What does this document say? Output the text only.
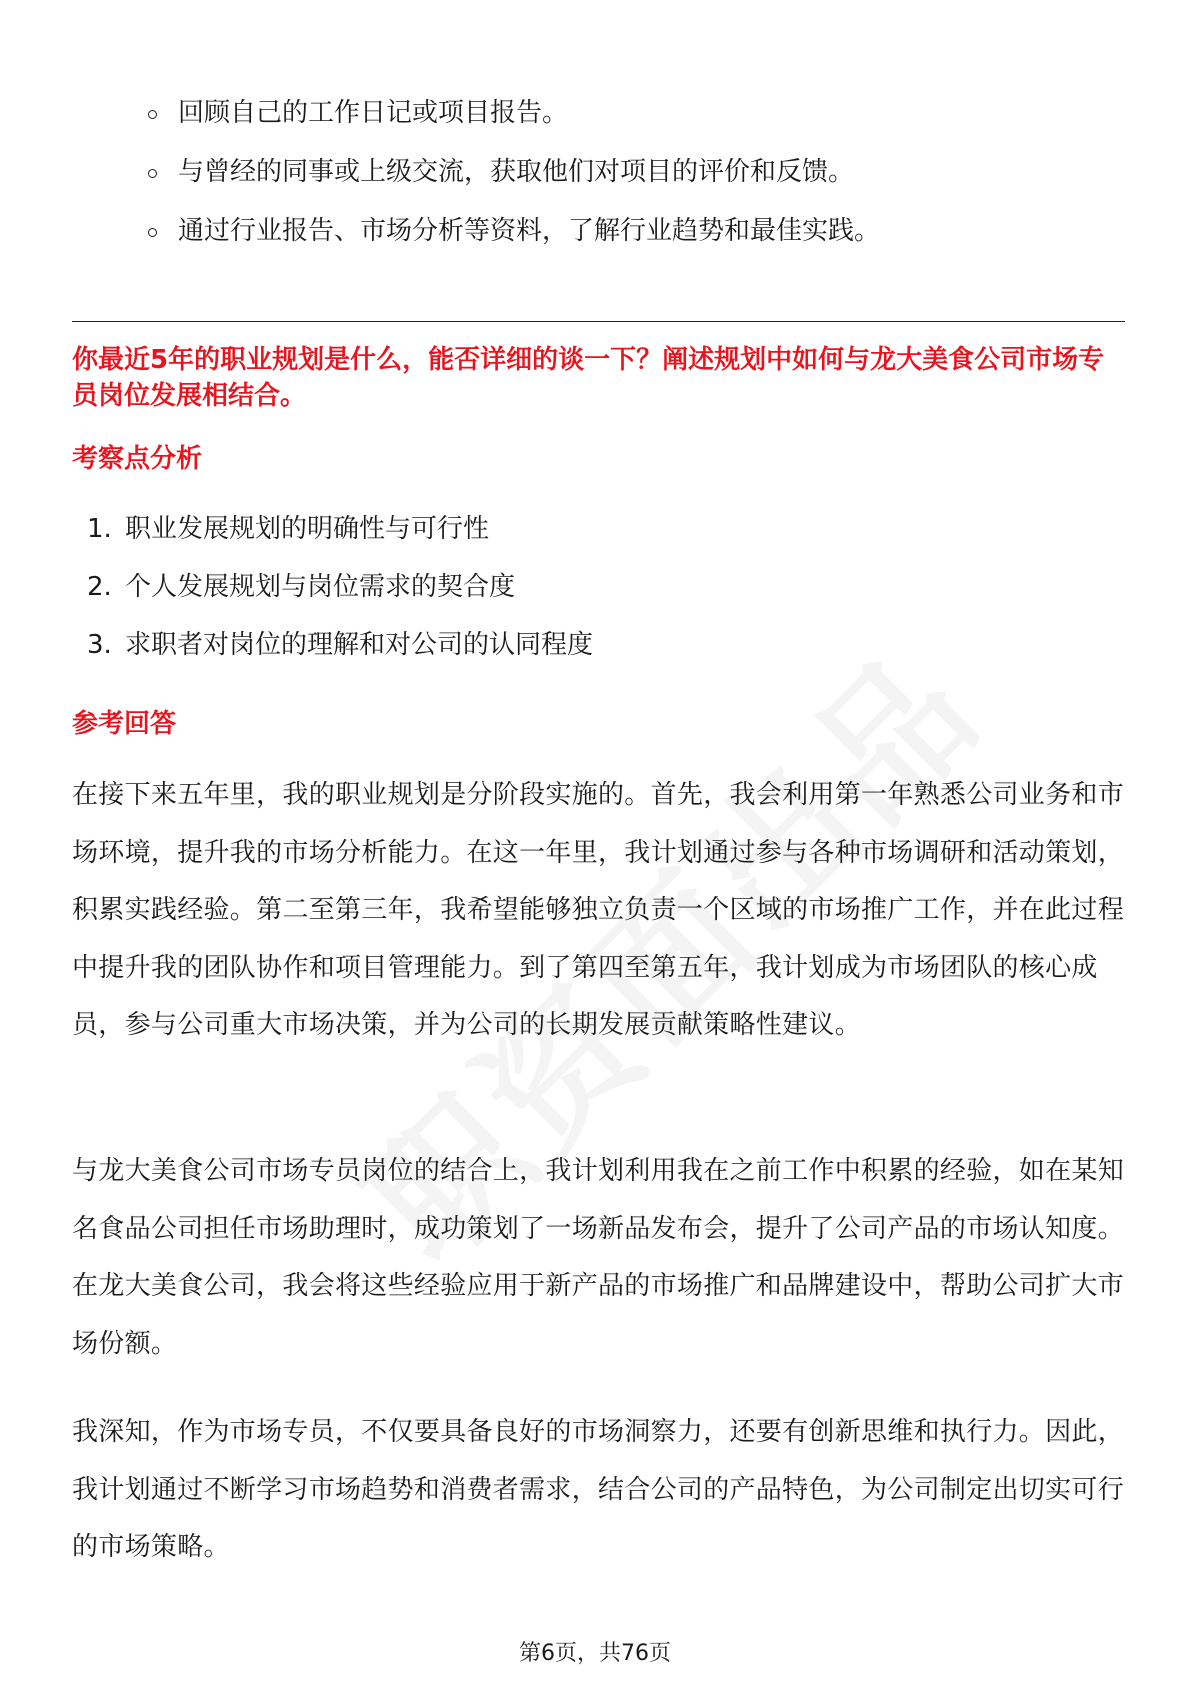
回顾自己的工作日记或项目报告。
与曾经的同事或上级交流，获取他们对项目的评价和反馈。
通过行业报告、市场分析等资料，了解行业趋势和最佳实践。
你最近5年的职业规划是什么，能否详细的谈一下？阐述规划中如何与龙大美食公司市场专员岗位发展相结合。
考察点分析
1. 职业发展规划的明确性与可行性
2. 个人发展规划与岗位需求的契合度
3. 求职者对岗位的理解和对公司的认同程度
参考回答

在接下来五年里，我的职业规划是分阶段实施的。首先，我会利用第一年熟悉公司业务和市场环境，提升我的市场分析能力。在这一年里，我计划通过参与各种市场调研和活动策划，积累实践经验。第二至第三年，我希望能够独立负责一个区域的市场推广工作，并在此过程中提升我的团队协作和项目管理能力。到了第四至第五年，我计划成为市场团队的核心成员，参与公司重大市场决策，并为公司的长期发展贡献策略性建议。

与龙大美食公司市场专员岗位的结合上，我计划利用我在之前工作中积累的经验，如在某知名食品公司担任市场助理时，成功策划了一场新品发布会，提升了公司产品的市场认知度。在龙大美食公司，我会将这些经验应用于新产品的市场推广和品牌建设中，帮助公司扩大市场份额。

我深知，作为市场专员，不仅要具备良好的市场洞察力，还要有创新思维和执行力。因此，我计划通过不断学习市场趋势和消费者需求，结合公司的产品特色，为公司制定出切实可行的市场策略。

第6页，共76页
